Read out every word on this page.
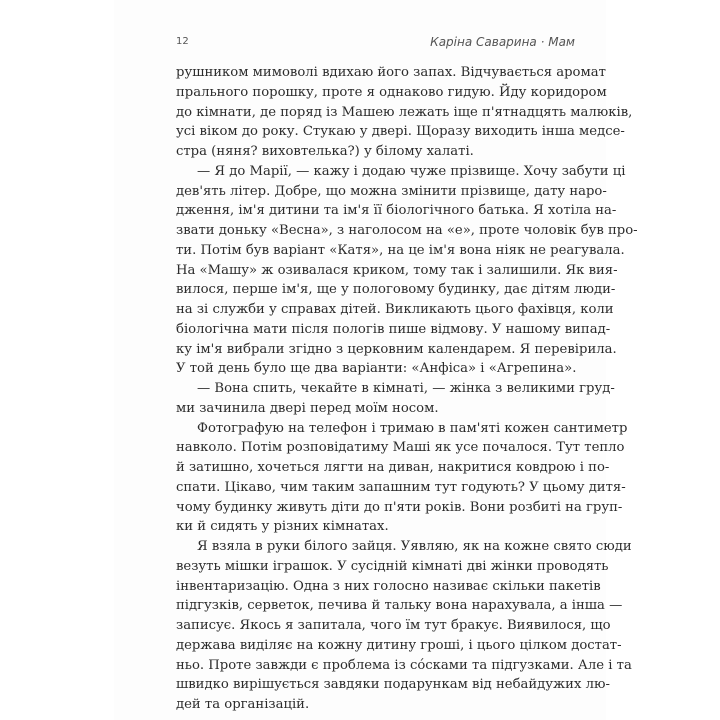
12	Каріна Саварина · Мам
рушником мимоволі вдихаю його запах. Відчувається аромат
прального порошку, проте я однаково гидую. Йду коридором
до кімнати, де поряд із Машею лежать іще п'ятнадцять малюків,
усі віком до року. Стукаю у двері. Щоразу виходить інша медсе-
стра (няня? виховтелька?) у білому халаті.
— Я до Марії, — кажу і додаю чуже прізвище. Хочу забути ці
дев'ять літер. Добре, що можна змінити прізвище, дату наро-
дження, ім'я дитини та ім'я її біологічного батька. Я хотіла на-
звати доньку «Весна», з наголосом на «е», проте чоловік був про-
ти. Потім був варіант «Катя», на це ім'я вона ніяк не реагувала.
На «Машу» ж озивалася криком, тому так і залишили. Як вия-
вилося, перше ім'я, ще у пологовому будинку, дає дітям люди-
на зі служби у справах дітей. Викликають цього фахівця, коли
біологічна мати після пологів пише відмову. У нашому випад-
ку ім'я вибрали згідно з церковним календарем. Я перевірила.
У той день було ще два варіанти: «Анфіса» і «Агрепина».
— Вона спить, чекайте в кімнаті, — жінка з великими груд-
ми зачинила двері перед моїм носом.
Фотографую на телефон і тримаю в пам'яті кожен сантиметр
навколо. Потім розповідатиму Маші як усе почалося. Тут тепло
й затишно, хочеться лягти на диван, накритися ковдрою і по-
спати. Цікаво, чим таким запашним тут годують? У цьому дитя-
чому будинку живуть діти до п'яти років. Вони розбиті на груп-
ки й сидять у різних кімнатах.
Я взяла в руки білого зайця. Уявляю, як на кожне свято сюди
везуть мішки іграшок. У сусідній кімнаті дві жінки проводять
інвентаризацію. Одна з них голосно називає скільки пакетів
підгузків, серветок, печива й тальку вона нарахувала, а інша —
записує. Якось я запитала, чого їм тут бракує. Виявилося, що
держава виділяє на кожну дитину гроші, і цього цілком достат-
ньо. Проте завжди є проблема із сóсками та підгузками. Але і та
швидко вирішується завдяки подарункам від небайдужих лю-
дей та організацій.
